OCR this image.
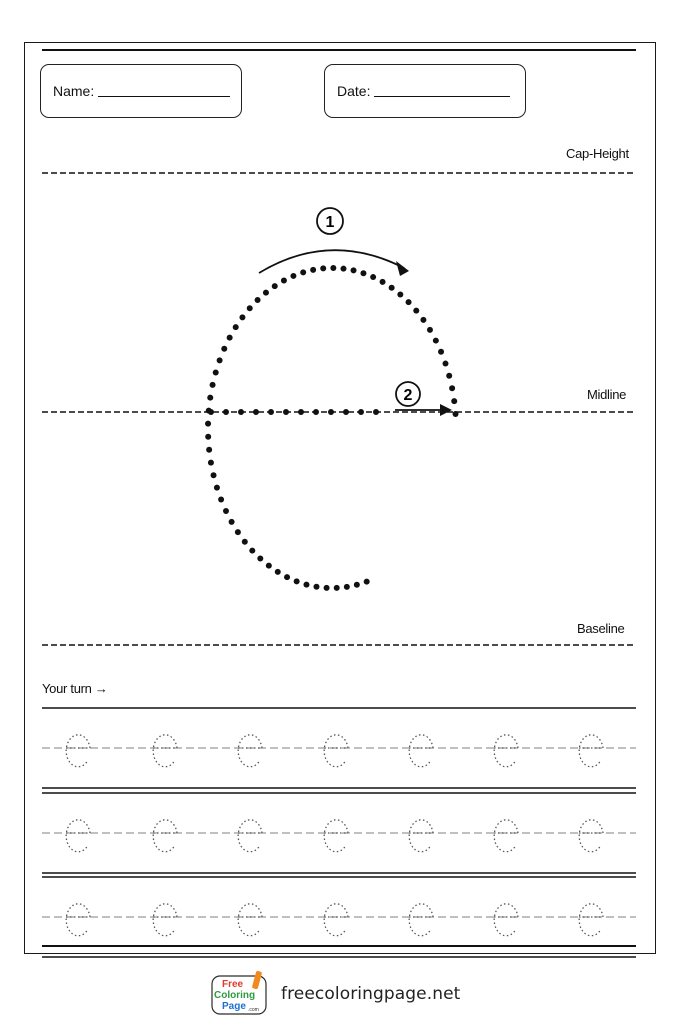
Name:	Date:
Cap-Height
Midline
Baseline
Your turn →
1
2
Free
Coloring
Page .com
freecoloringpage.net
